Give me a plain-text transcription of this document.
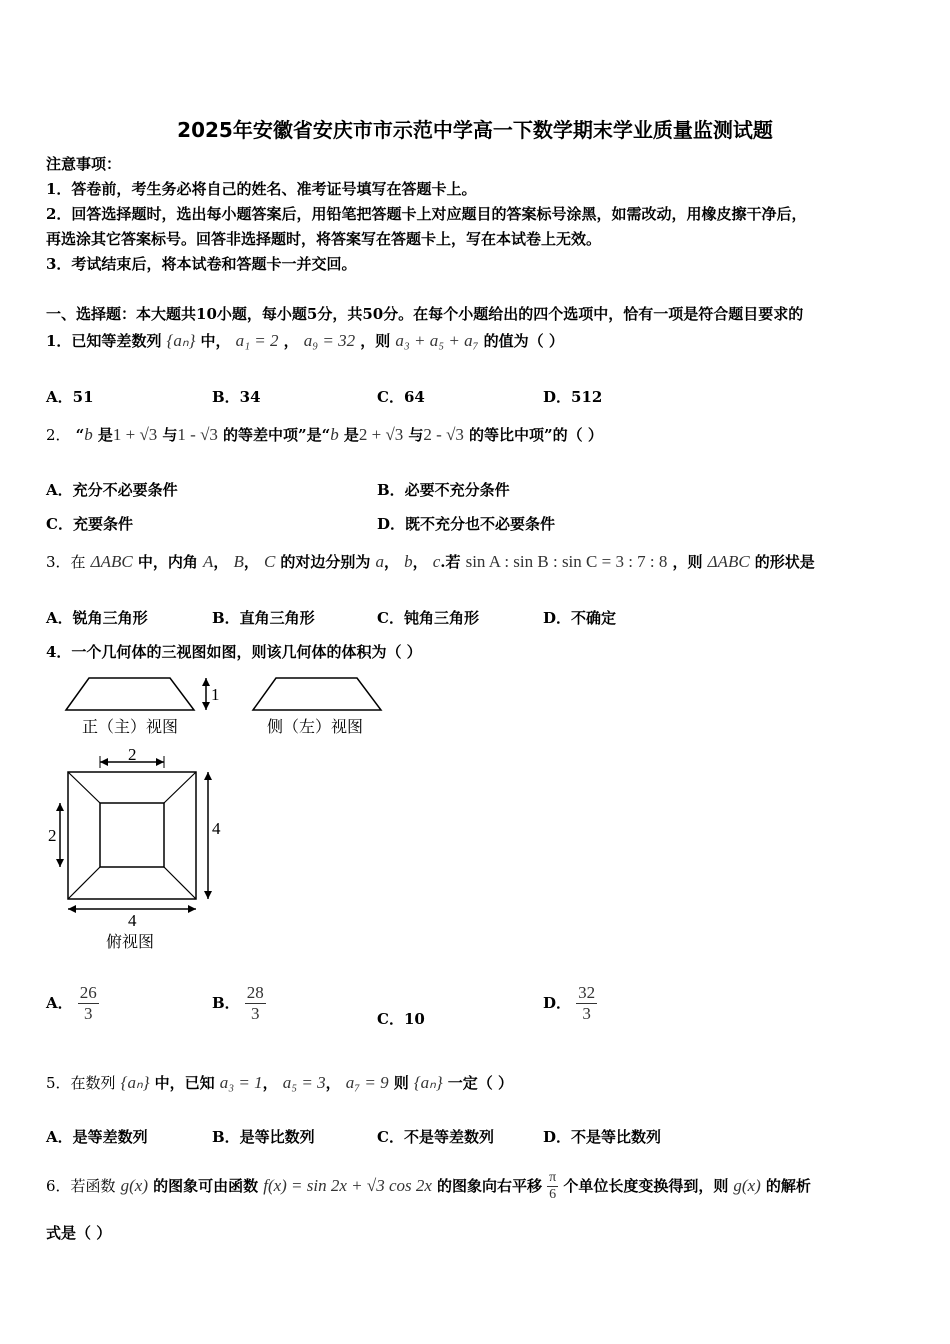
2025年安徽省安庆市市示范中学高一下数学期末学业质量监测试题
注意事项：
1．答卷前，考生务必将自己的姓名、准考证号填写在答题卡上。
2．回答选择题时，选出每小题答案后，用铅笔把答题卡上对应题目的答案标号涂黑，如需改动，用橡皮擦干净后，
再选涂其它答案标号。回答非选择题时，将答案写在答题卡上，写在本试卷上无效。
3．考试结束后，将本试卷和答题卡一并交回。
一、选择题：本大题共10小题，每小题5分，共50分。在每个小题给出的四个选项中，恰有一项是符合题目要求的
1．已知等差数列 {aₙ} 中， a₁ = 2 ， a₉ = 32 ，则 a₃ + a₅ + a₇ 的值为（ ）
A．51	B．34	C．64	D．512
2． “b 是1 + √3 与1 - √3 的等差中项”是“b 是2 + √3 与2 - √3 的等比中项”的（ ）
A．充分不必要条件	B．必要不充分条件
C．充要条件	D．既不充分也不必要条件
3．在 ΔABC 中，内角 A， B， C 的对边分别为 a， b， c.若 sin A : sin B : sin C = 3 : 7 : 8 ，则 ΔABC 的形状是
A．锐角三角形	B．直角三角形	C．钝角三角形	D．不确定
4．一个几何体的三视图如图，则该几何体的体积为（ ）
1
正（主）视图	侧（左）视图
2
2	4
4
俯视图
A． $\frac{26}{3}$	B． $\frac{28}{3}$	C．10
D． $\frac{32}{3}$
5．在数列 {aₙ} 中，已知 a₃ = 1， a₅ = 3， a₇ = 9 则 {aₙ} 一定（ ）
A．是等差数列	B．是等比数列	C．不是等差数列	D．不是等比数列
6．若函数 g(x) 的图象可由函数 f(x) = sin 2x + √3 cos 2x 的图象向右平移 $\frac{\pi}{6}$ 个单位长度变换得到，则 g(x) 的解析
式是（ ）
